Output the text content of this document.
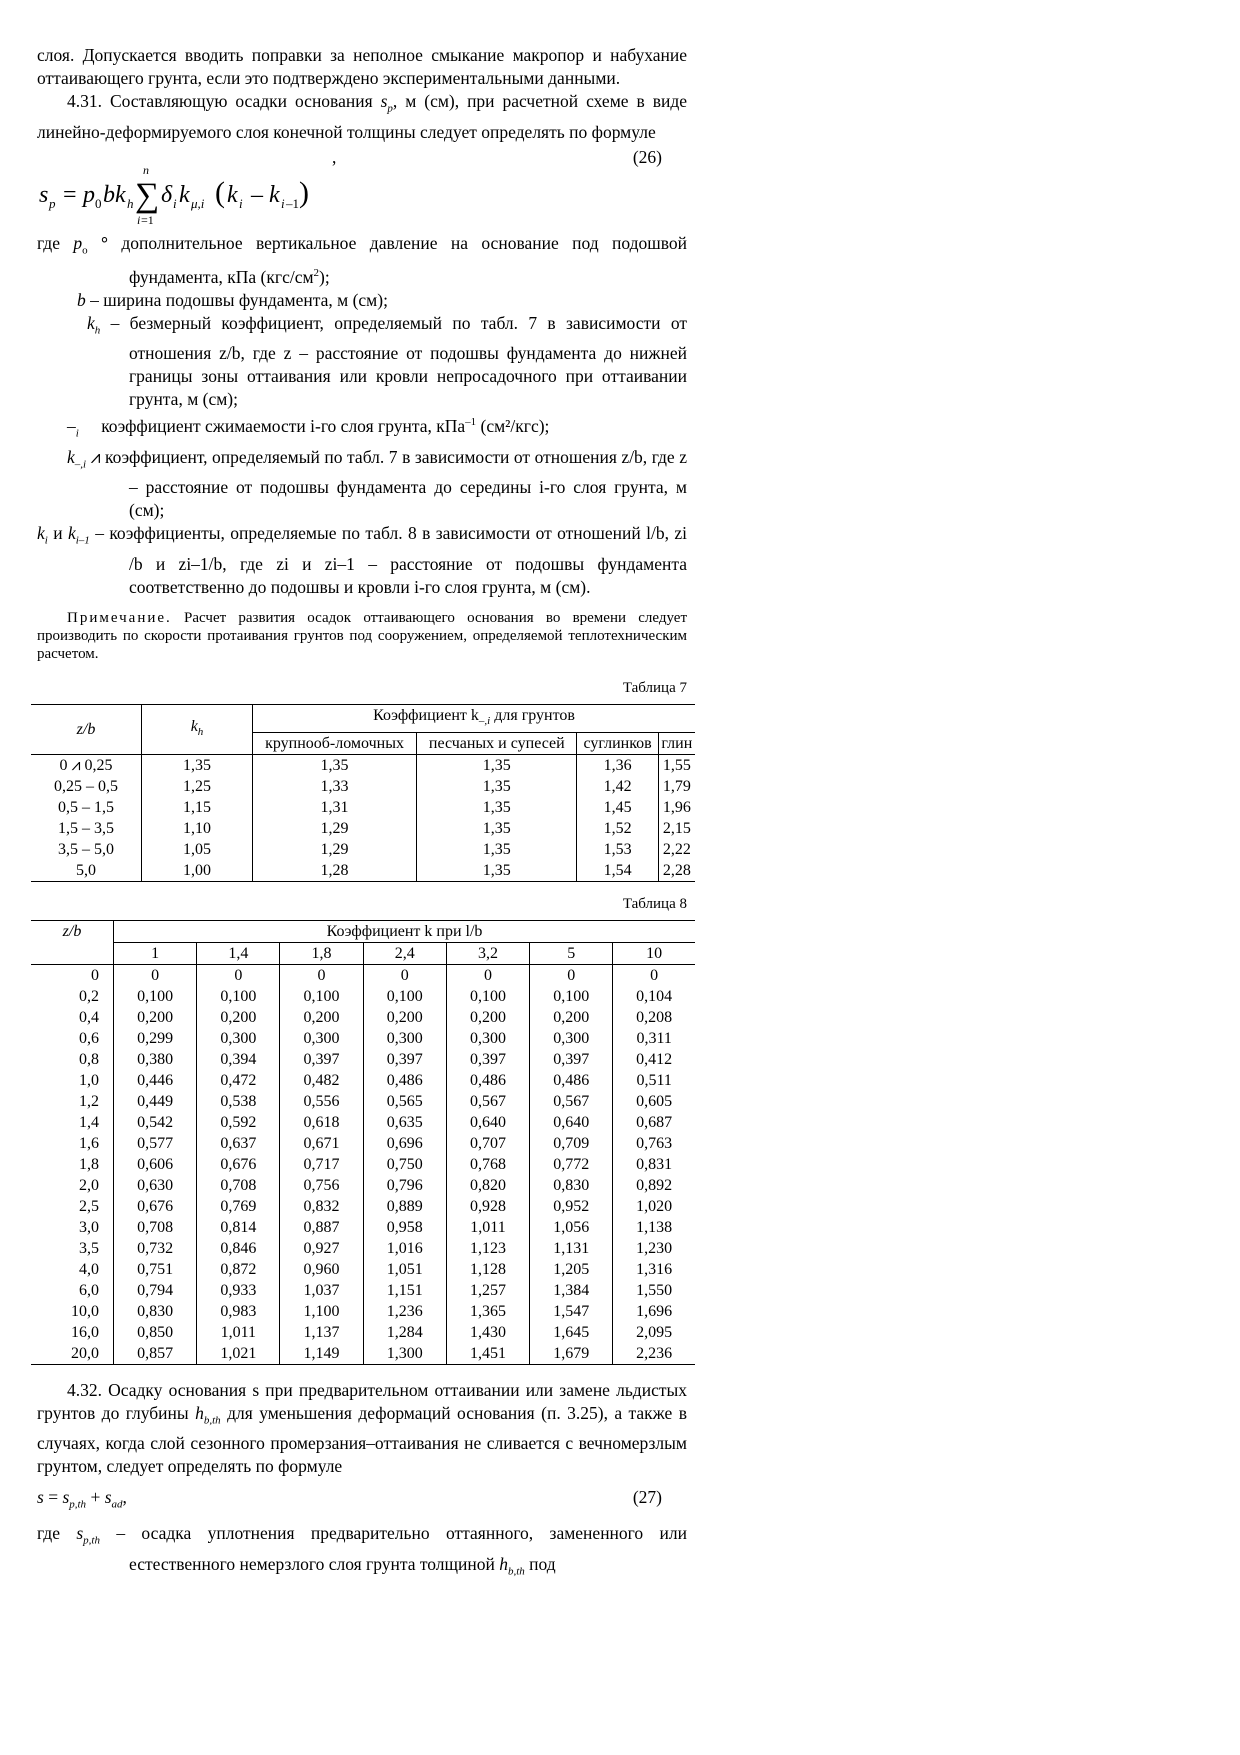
слоя. Допускается вводить поправки за неполное смыкание макропор и набухание оттаивающего грунта, если это подтверждено экспериментальными данными.

4.31. Составляющую осадки основания $s_p$, м (см), при расчетной схеме в виде линейно-деформируемого слоя конечной толщины следует определять по формуле

,	(26)
s p = p 0 bk h ∑
n
i =1
δ i k μ,i ( k i – k i –1 )

где $p_о$ ° дополнительное вертикальное давление на основание под подошвой фундамента, кПа $(кгс/см^2)$;

b – ширина подошвы фундамента, м (см);

$k_h$ – безмерный коэффициент, определяемый по табл. 7 в зависимости от отношения z/b, где z – расстояние от подошвы фундамента до нижней границы зоны оттаивания или кровли непросадочного при оттаивании грунта, м (см);

$-_i$ ⃞ коэффициент сжимаемости i-го слоя грунта, кПа$^{-1}$ (см²/кгс);

$k_{-,i}$ ⩘ коэффициент, определяемый по табл. 7 в зависимости от отношения z/b, где z – расстояние от подошвы фундамента до середины i-го слоя грунта, м (см);

$k_i$ и $k_{i-1}$ – коэффициенты, определяемые по табл. 8 в зависимости от отношений l/b, zi /b и zi–1/b, где zi и zi–1 – расстояние от подошвы фундамента соответственно до подошвы и кровли i-го слоя грунта, м (см).

Примечание. Расчет развития осадок оттаивающего основания во времени следует производить по скорости протаивания грунтов под сооружением, определяемой теплотехническим расчетом.

Таблица 7
z/b	$k_h$	Коэффициент $k_{-,i}$ для грунтов			
		крупнооб-ломочных	песчаных и супесей	суглинков	глин
0 ⩘ 0,25	1,35	1,35	1,35	1,36	1,55
0,25 – 0,5	1,25	1,33	1,35	1,42	1,79
0,5 – 1,5	1,15	1,31	1,35	1,45	1,96
1,5 – 3,5	1,10	1,29	1,35	1,52	2,15
3,5 – 5,0	1,05	1,29	1,35	1,53	2,22
5,0	1,00	1,28	1,35	1,54	2,28
Таблица 8
z/b	Коэффициент k при l/b						
	1	1,4	1,8	2,4	3,2	5	10
0	0	0	0	0	0	0	0
0,2	0,100	0,100	0,100	0,100	0,100	0,100	0,104
0,4	0,200	0,200	0,200	0,200	0,200	0,200	0,208
0,6	0,299	0,300	0,300	0,300	0,300	0,300	0,311
0,8	0,380	0,394	0,397	0,397	0,397	0,397	0,412
1,0	0,446	0,472	0,482	0,486	0,486	0,486	0,511
1,2	0,449	0,538	0,556	0,565	0,567	0,567	0,605
1,4	0,542	0,592	0,618	0,635	0,640	0,640	0,687
1,6	0,577	0,637	0,671	0,696	0,707	0,709	0,763
1,8	0,606	0,676	0,717	0,750	0,768	0,772	0,831
2,0	0,630	0,708	0,756	0,796	0,820	0,830	0,892
2,5	0,676	0,769	0,832	0,889	0,928	0,952	1,020
3,0	0,708	0,814	0,887	0,958	1,011	1,056	1,138
3,5	0,732	0,846	0,927	1,016	1,123	1,131	1,230
4,0	0,751	0,872	0,960	1,051	1,128	1,205	1,316
6,0	0,794	0,933	1,037	1,151	1,257	1,384	1,550
10,0	0,830	0,983	1,100	1,236	1,365	1,547	1,696
16,0	0,850	1,011	1,137	1,284	1,430	1,645	2,095
20,0	0,857	1,021	1,149	1,300	1,451	1,679	2,236

4.32. Осадку основания s при предварительном оттаивании или замене льдистых грунтов до глубины $h_{b,th}$ для уменьшения деформаций основания (п. 3.25), а также в случаях, когда слой сезонного промерзания–оттаивания не сливается с вечномерзлым грунтом, следует определять по формуле

$s = s_{p,th} + s_{ad}$,	(27)

где $s_{p,th}$ – осадка уплотнения предварительно оттаянного, замененного или естественного немерзлого слоя грунта толщиной $h_{b,th}$ под
